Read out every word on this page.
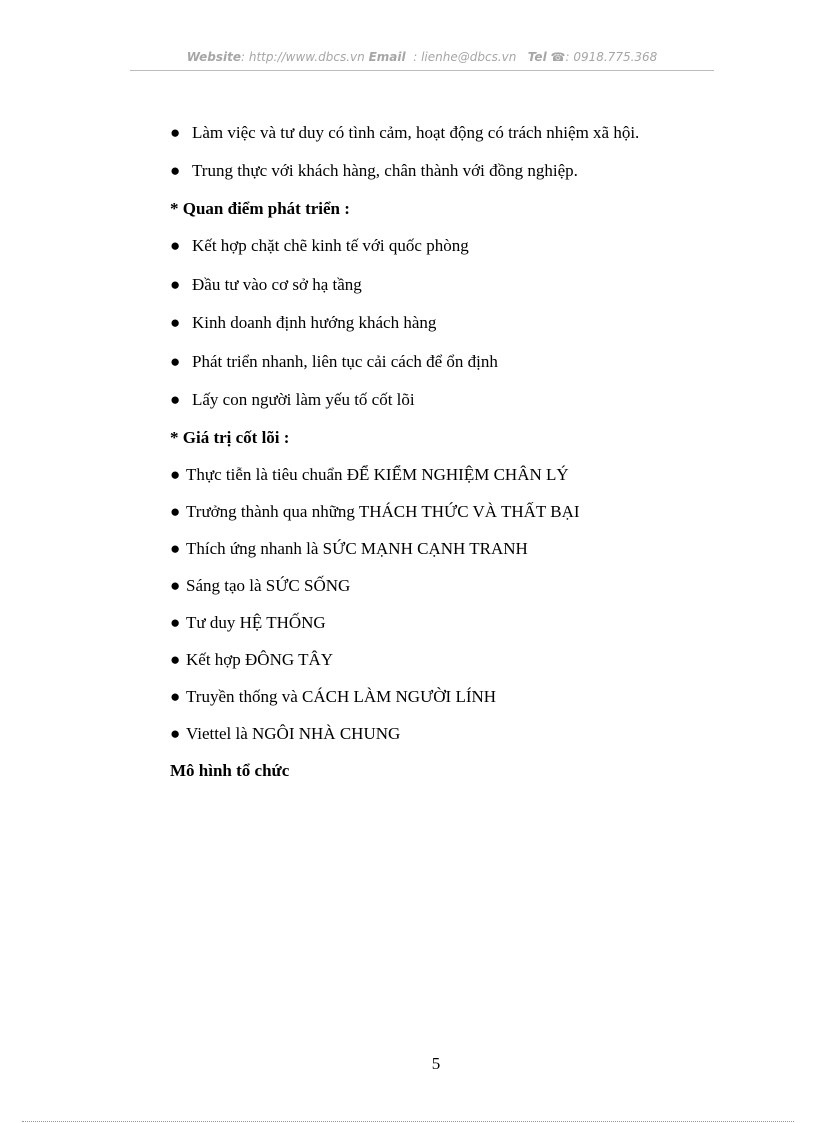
Website: http://www.dbcs.vn Email : lienhe@dbcs.vn Tel ☎: 0918.775.368
● Làm việc và tư duy có tình cảm, hoạt động có trách nhiệm xã hội.
● Trung thực với khách hàng, chân thành với đồng nghiệp.
* Quan điểm phát triển :
● Kết hợp chặt chẽ kinh tế với quốc phòng
● Đầu tư vào cơ sở hạ tầng
● Kinh doanh định hướng khách hàng
● Phát triển nhanh, liên tục cải cách để ổn định
● Lấy con người làm yếu tố cốt lõi
* Giá trị cốt lõi :
● Thực tiễn là tiêu chuẩn ĐỂ KIỂM NGHIỆM CHÂN LÝ
● Trưởng thành qua những THÁCH THỨC VÀ THẤT BẠI
● Thích ứng nhanh là SỨC MẠNH CẠNH TRANH
● Sáng tạo là SỨC SỐNG
● Tư duy HỆ THỐNG
● Kết hợp ĐÔNG TÂY
● Truyền thống và CÁCH LÀM NGƯỜI LÍNH
● Viettel là NGÔI NHÀ CHUNG
Mô hình tổ chức
5
